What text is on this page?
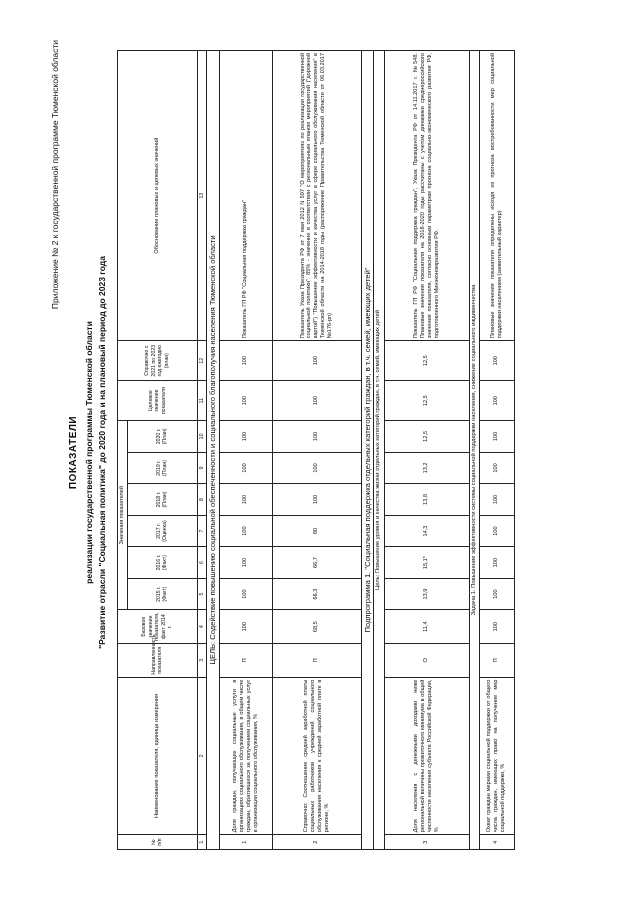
Приложение № 2 к государственной программе Тюменской области
ПОКАЗАТЕЛИ реализации государственной программы Тюменской области "Развитие отрасли "Социальная политика" до 2020 года и на плановый период до 2023 года
№ п/п	Наименование показателя, единица измерения	Направленность показателя	Базовое значение показателя, факт 2014 г.	Значения показателей						Целевое значение показателя	Справочно с 2021 по 2023 год ежегодно (план)	Обоснование плановых и целевых значений
				2015 г. (Факт)	2016 г. (Факт)	2017 г. (Оценка)	2018 г. (План)	2019 г. (План)	2020 г. (План)			
1	2	3	4	5	6	7	8	9	10	11	12	13
ЦЕЛЬ: Содействие повышению социальной обеспеченности и социального благополучия населения Тюменской области												
1	Доля граждан, получающих социальные услуги в организациях социального обслуживания, в общем числе граждан, обратившихся за получением социальных услуг в организации социального обслуживания, %	П	100	100	100	100	100	100	100	100	100	Показатель ГП РФ "Социальная поддержка граждан"
2	Справочно: Соотношение средней заработной платы социальных работников учреждений социального обслуживания населения к средней заработной плате в регионе, %	П	68,5	66,3	66,7	80	100	100	100	100	100	Показатель Указа Президента РФ от 7 мая 2012 N 597 "О мероприятиях по реализации государственной социальной политики". 85% - значение в соответствии с региональным планом мероприятий ("дорожной картой") "Повышение эффективности и качества услуг в сфере социального обслуживания населения" в Тюменской области на 2014-2018 годы (распоряжение Правительства Тюменской области от 06.03.2017 №176-рп)
Подпрограмма 1. "Социальная поддержка отдельных категорий граждан, в т.ч. семей, имеющих детей"												
Цель: Повышение уровня и качества жизни отдельных категорий граждан, в т.ч. семей, имеющих детей												
3	Доля населения с денежными доходами ниже региональной величины прожиточного минимума в общей численности населения субъекта Российской Федерации, %	О	11,4	13,9	15,1*	14,3	13,8	13,2	12,5	12,5	12,5	Показатель ГП РФ "Социальная поддержка граждан", Указа Президента РФ от 14.11.2017 г. №548. Плановые значения показателя на 2018-2020 годы рассчитаны с учетом динамики среднероссийского значения показателя, согласно основным параметрам прогноза социально-экономического развития РФ, подготовленного Минэкономразвития РФ.
Задача 1. Повышение эффективности системы социальной поддержки населения, снижение социального иждивенчества												
4	Охват граждан мерами социальной поддержки от общего числа граждан, имеющих право на получение мер социальной поддержки, %	П	100	100	100	100	100	100	100	100	100	Плановые значения показателя определены исходя из прогноза востребованности мер социальной поддержки населением (заявительный характер)
